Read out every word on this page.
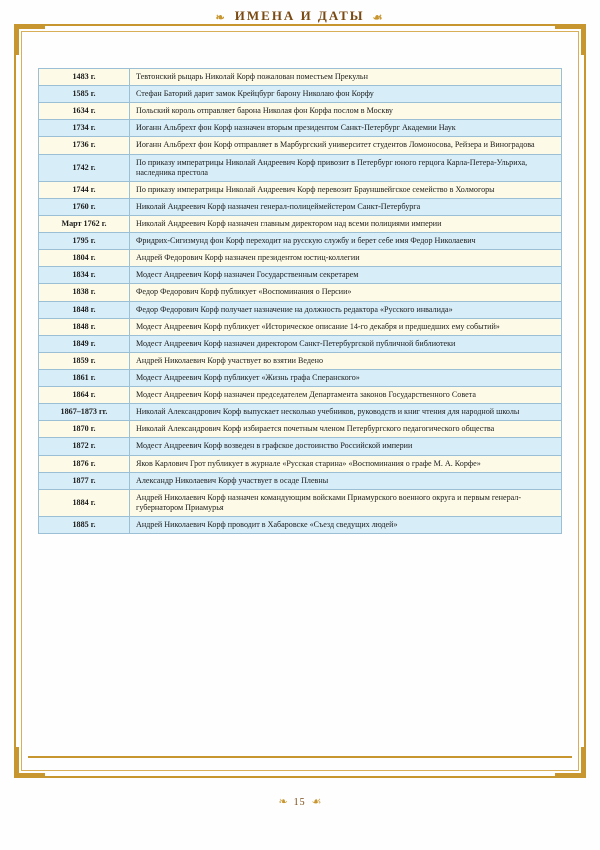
❧ ИМЕНА И ДАТЫ ☙
1483 г.	Тевтонский рыцарь Николай Корф пожалован поместьем Прекульн
1585 г.	Стефан Баторий дарит замок Крейцбург барону Николаю фон Корфу
1634 г.	Польский король отправляет барона Николая фон Корфа послом в Москву
1734 г.	Иоганн Альбрехт фон Корф назначен вторым президентом Санкт-Петербург Академии Наук
1736 г.	Иоганн Альбрехт фон Корф отправляет в Марбургский университет студентов Ломоносова, Рейзера и Виноградова
1742 г.	По приказу императрицы Николай Андреевич Корф привозит в Петербург юного герцога Карла-Петера-Ульриха, наследника престола
1744 г.	По приказу императрицы Николай Андреевич Корф перевозит Брауншвейгское семейство в Холмогоры
1760 г.	Николай Андреевич Корф назначен генерал-полицеймейстером Санкт-Петербурга
Март 1762 г.	Николай Андреевич Корф назначен главным директором над всеми полициями империи
1795 г.	Фридрих-Сигизмунд фон Корф переходит на русскую службу и берет себе имя Федор Николаевич
1804 г.	Андрей Федорович Корф назначен президентом юстиц-коллегии
1834 г.	Модест Андреевич Корф назначен Государственным секретарем
1838 г.	Федор Федорович Корф публикует «Воспоминания о Персии»
1848 г.	Федор Федорович Корф получает назначение на должность редактора «Русского инвалида»
1848 г.	Модест Андреевич Корф публикует «Историческое описание 14-го декабря и предшедших ему событий»
1849 г.	Модест Андреевич Корф назначен директором Санкт-Петербургской публичной библиотеки
1859 г.	Андрей Николаевич Корф участвует во взятии Ведено
1861 г.	Модест Андреевич Корф публикует «Жизнь графа Сперанского»
1864 г.	Модест Андреевич Корф назначен председателем Департамента законов Государственного Совета
1867–1873 гг.	Николай Александрович Корф выпускает несколько учебников, руководств и книг чтения для народной школы
1870 г.	Николай Александрович Корф избирается почетным членом Петербургского педагогического общества
1872 г.	Модест Андреевич Корф возведен в графское достоинство Российской империи
1876 г.	Яков Карлович Грот публикует в журнале «Русская старина» «Воспоминания о графе М. А. Корфе»
1877 г.	Александр Николаевич Корф участвует в осаде Плевны
1884 г.	Андрей Николаевич Корф назначен командующим войсками Приамурского военного округа и первым генерал-губернатором Приамурья
1885 г.	Андрей Николаевич Корф проводит в Хабаровске «Съезд сведущих людей»
❧ 15 ☙
